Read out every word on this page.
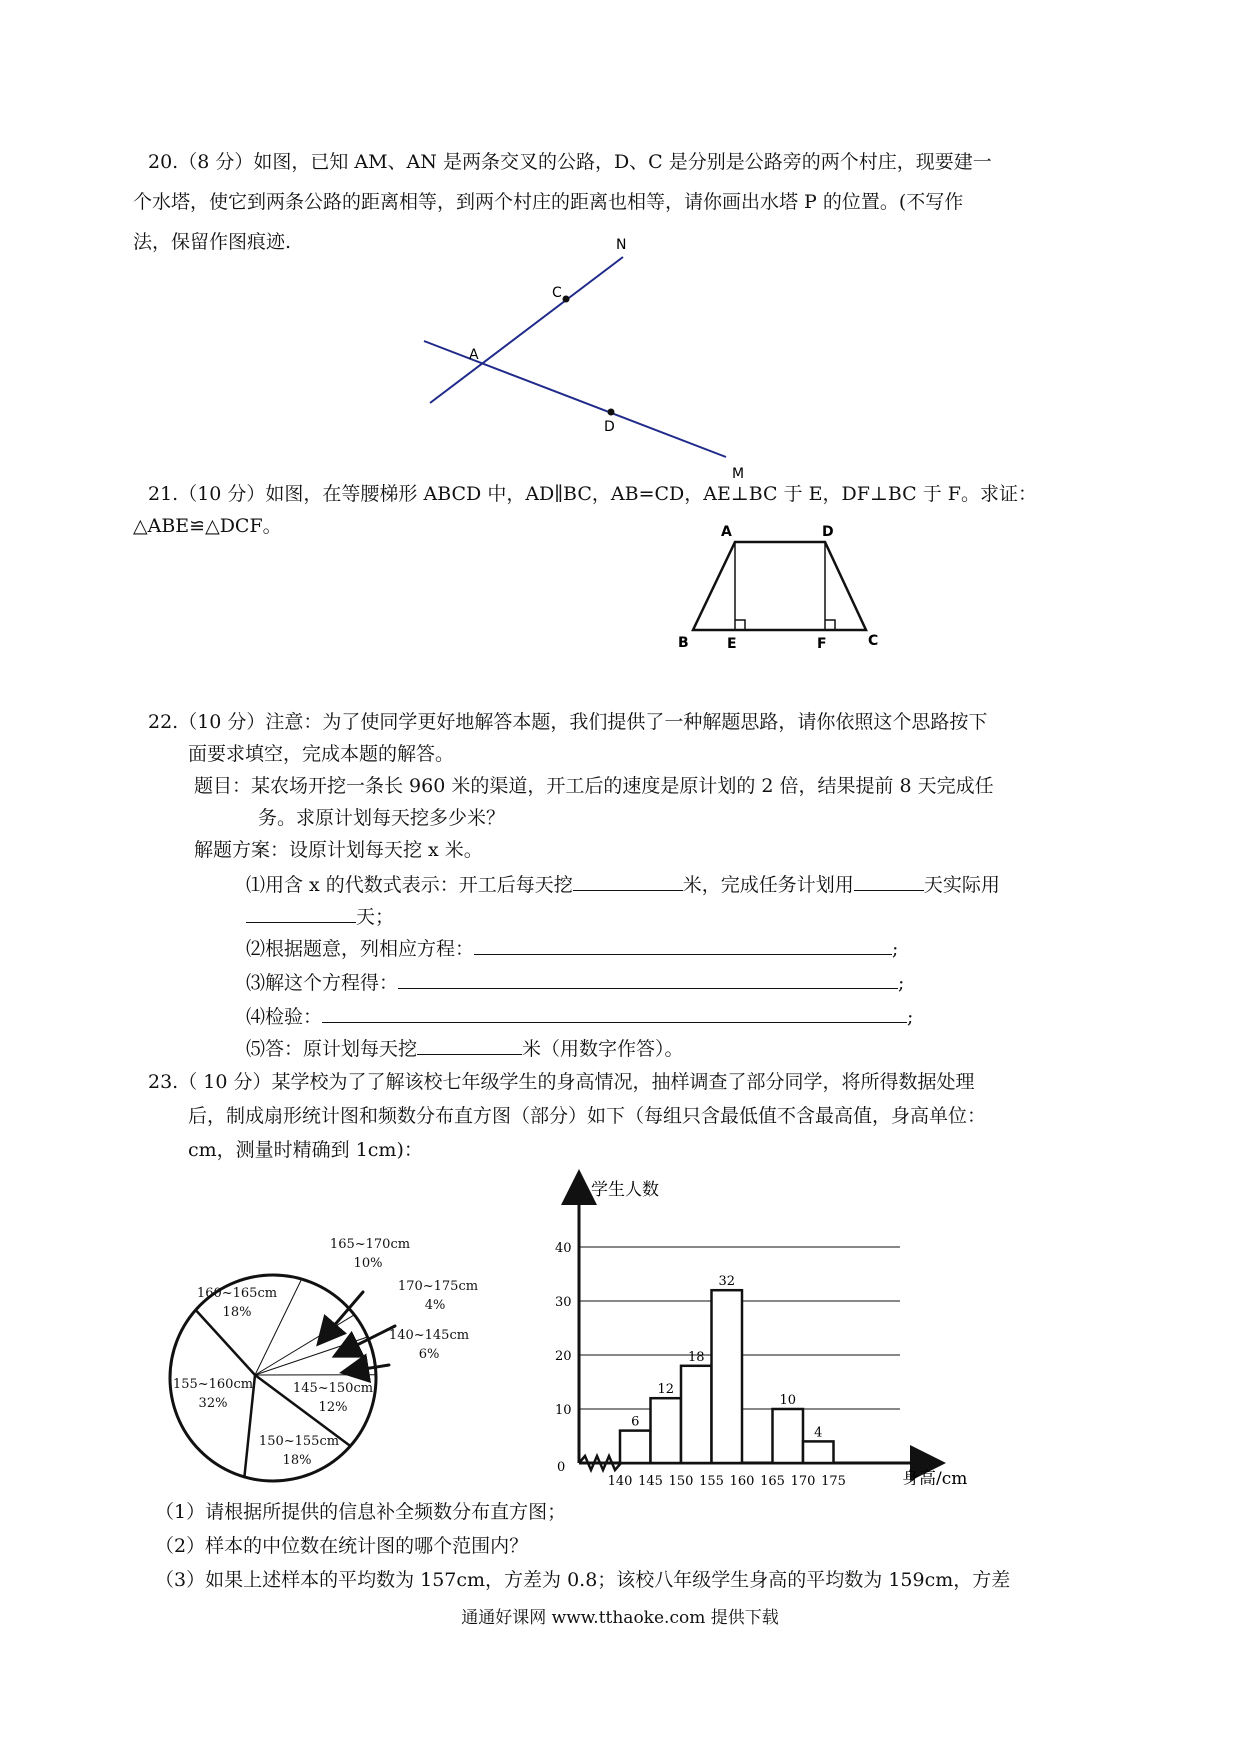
20.（8 分）如图，已知 AM、AN 是两条交叉的公路，D、C 是分别是公路旁的两个村庄，现要建一
个水塔，使它到两条公路的距离相等，到两个村庄的距离也相等，请你画出水塔 P 的位置。(不写作
法，保留作图痕迹.	N
C
A
D
M
21.（10 分）如图，在等腰梯形 ABCD 中，AD∥BC，AB=CD，AE⊥BC 于 E，DF⊥BC 于 F。求证：
△ABE≌△DCF。	A	D
B	E	F	C
22.（10 分）注意：为了使同学更好地解答本题，我们提供了一种解题思路，请你依照这个思路按下
面要求填空，完成本题的解答。
题目：某农场开挖一条长 960 米的渠道，开工后的速度是原计划的 2 倍，结果提前 8 天完成任
务。求原计划每天挖多少米？
解题方案：设原计划每天挖 x 米。
⑴用含 x 的代数式表示：开工后每天挖	米，完成任务计划用	天实际用
天；
⑵根据题意，列相应方程：	;
⑶解这个方程得：	;
⑷检验：	;
⑸答：原计划每天挖	米（用数字作答）。
23.（ 10 分）某学校为了了解该校七年级学生的身高情况，抽样调查了部分同学，将所得数据处理
后，制成扇形统计图和频数分布直方图（部分）如下（每组只含最低值不含最高值，身高单位：
cm，测量时精确到 1cm)：
165~170cm
10%
170~175cm
4%
140~145cm
6%
160~165cm
18%
155~160cm
32%
145~150cm
12%
150~155cm
18%
学生人数
身高/cm
0
10
20
30
40
140 145 150 155 160 165 170 175
6
12
18
32
10
4
（1）请根据所提供的信息补全频数分布直方图；
（2）样本的中位数在统计图的哪个范围内？
（3）如果上述样本的平均数为 157cm，方差为 0.8；该校八年级学生身高的平均数为 159cm，方差
通通好课网 www.tthaoke.com 提供下载
